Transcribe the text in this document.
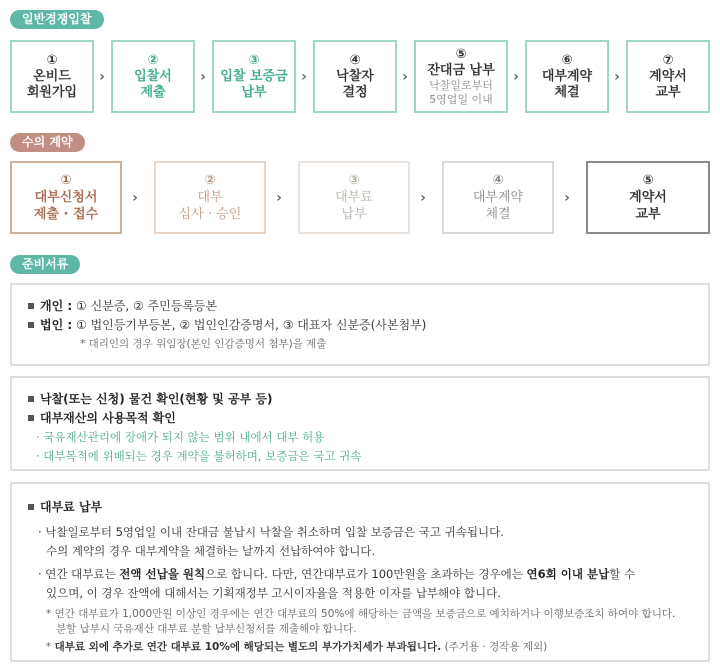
일반경쟁입찰
①
온비드
회원가입
›
②
입찰서
제출
›
③
입찰 보증금
납부
›
④
낙찰자
결정
›
⑤
잔대금 납부
낙찰일로부터
5영업일 이내
›
⑥
대부계약
체결
›
⑦
계약서
교부
수의 계약
①
대부신청서
제출 · 접수
›
②
대부
심사 · 승인
›
③
대부료
납부
›
④
대부계약
체결
›
⑤
계약서
교부
준비서류
개인 : ① 신분증, ② 주민등록등본
법인 : ① 법인등기부등본, ② 법인인감증명서, ③ 대표자 신분증(사본첨부)
* 대리인의 경우 위임장(본인 인감증명서 첨부)을 제출
낙찰(또는 신청) 물건 확인(현황 및 공부 등)
대부재산의 사용목적 확인
· 국유재산관리에 장애가 되지 않는 범위 내에서 대부 허용
· 대부목적에 위배되는 경우 계약을 불허하며, 보증금은 국고 귀속
대부료 납부
· 낙찰일로부터 5영업일 이내 잔대금 불납시 낙찰을 취소하며 입찰 보증금은 국고 귀속됩니다.
수의 계약의 경우 대부계약을 체결하는 날까지 선납하여야 합니다.
· 연간 대부료는 전액 선납을 원칙으로 합니다. 다만, 연간대부료가 100만원을 초과하는 경우에는 연6회 이내 분납할 수
있으며, 이 경우 잔액에 대해서는 기획재정부 고시이자율을 적용한 이자를 납부해야 합니다.
* 연간 대부료가 1,000만원 이상인 경우에는 연간 대부료의 50%에 해당하는 금액을 보증금으로 예치하거나 이행보증조치 하여야 합니다.
분할 납부시 국유재산 대부료 분할 납부신청서를 제출해야 합니다.
* 대부료 외에 추가로 연간 대부료 10%에 해당되는 별도의 부가가치세가 부과됩니다. (주거용 · 경작용 제외)
